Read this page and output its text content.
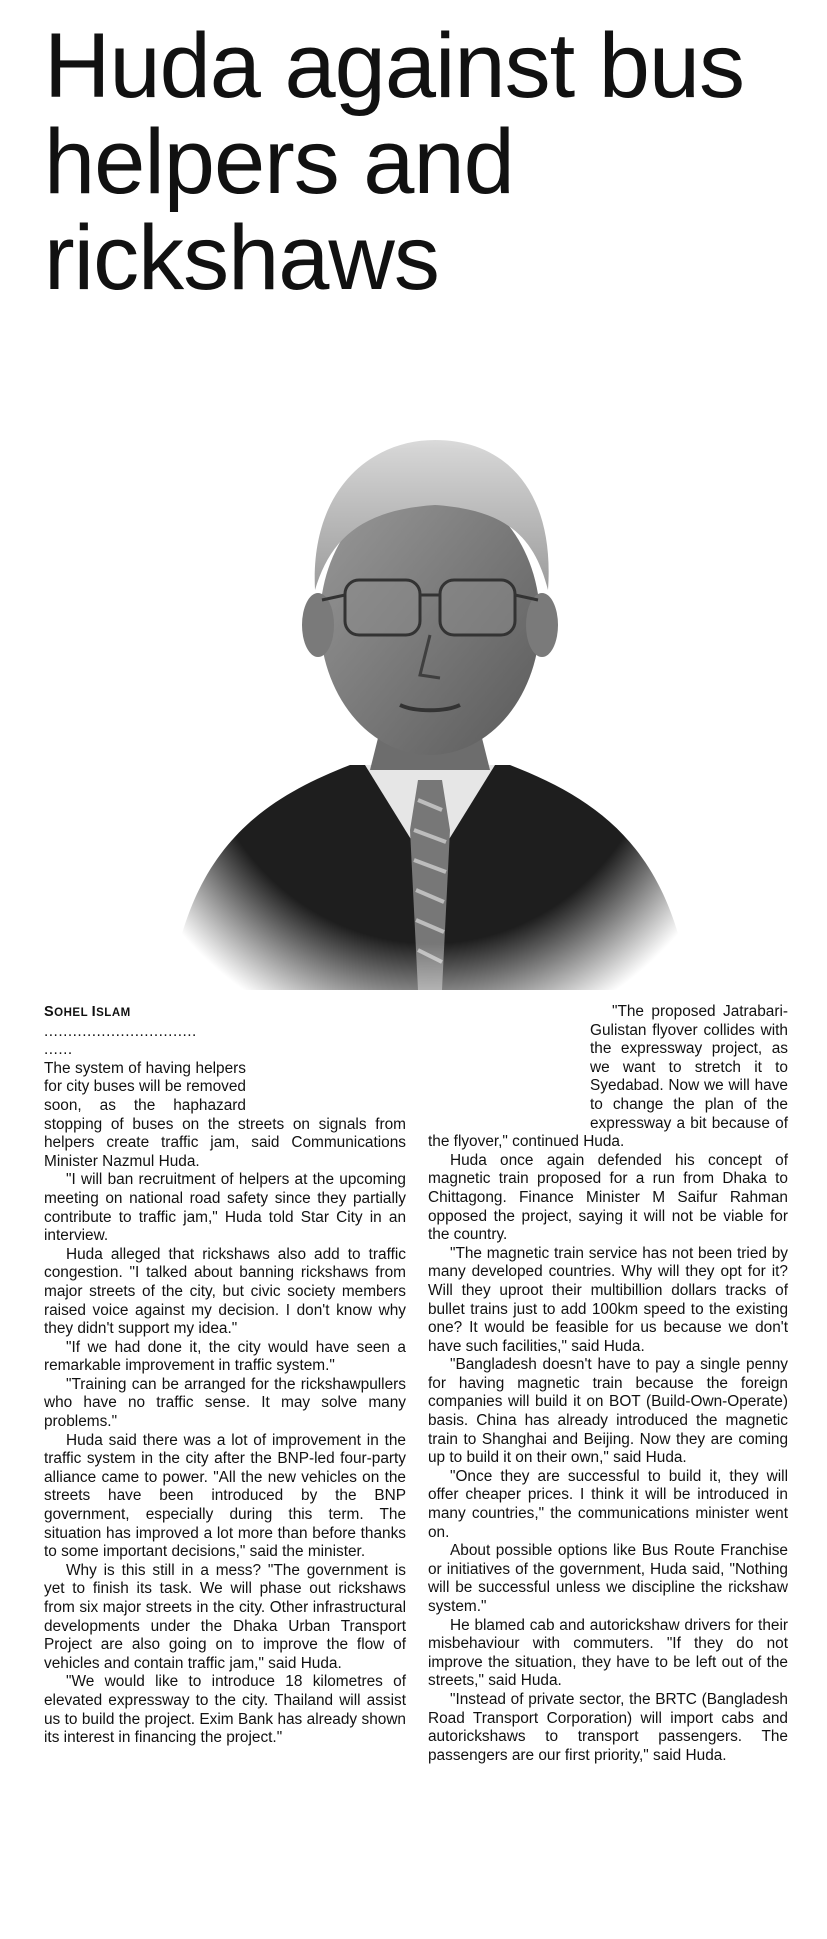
Huda against bus helpers and rickshaws

SOHEL ISLAM

................................

......

The system of having helpers for city buses will be removed soon, as the haphazard stopping of buses on the streets on signals from helpers create traffic jam, said Communications Minister Nazmul Huda.

"I will ban recruitment of helpers at the upcoming meeting on national road safety since they partially contribute to traffic jam," Huda told Star City in an interview.

Huda alleged that rickshaws also add to traffic congestion. "I talked about banning rickshaws from major streets of the city, but civic society members raised voice against my decision. I don't know why they didn't support my idea."

"If we had done it, the city would have seen a remarkable improvement in traffic system."

"Training can be arranged for the rickshawpullers who have no traffic sense. It may solve many problems."

Huda said there was a lot of improvement in the traffic system in the city after the BNP-led four-party alliance came to power. "All the new vehicles on the streets have been introduced by the BNP government, especially during this term. The situation has improved a lot more than before thanks to some important decisions," said the minister.

Why is this still in a mess? "The government is yet to finish its task. We will phase out rickshaws from six major streets in the city. Other infrastructural developments under the Dhaka Urban Transport Project are also going on to improve the flow of vehicles and contain traffic jam," said Huda.

"We would like to introduce 18 kilometres of elevated expressway to the city. Thailand will assist us to build the project. Exim Bank has already shown its interest in financing the project."

"The proposed Jatrabari-Gulistan flyover collides with the expressway project, as we want to stretch it to Syedabad. Now we will have to change the plan of the expressway a bit because of the flyover," continued Huda.

Huda once again defended his concept of magnetic train proposed for a run from Dhaka to Chittagong. Finance Minister M Saifur Rahman opposed the project, saying it will not be viable for the country.

"The magnetic train service has not been tried by many developed countries. Why will they opt for it? Will they uproot their multibillion dollars tracks of bullet trains just to add 100km speed to the existing one? It would be feasible for us because we don't have such facilities," said Huda.

"Bangladesh doesn't have to pay a single penny for having magnetic train because the foreign companies will build it on BOT (Build-Own-Operate) basis. China has already introduced the magnetic train to Shanghai and Beijing. Now they are coming up to build it on their own," said Huda.

"Once they are successful to build it, they will offer cheaper prices. I think it will be introduced in many countries," the communications minister went on.

About possible options like Bus Route Franchise or initiatives of the government, Huda said, "Nothing will be successful unless we discipline the rickshaw system."

He blamed cab and autorickshaw drivers for their misbehaviour with commuters. "If they do not improve the situation, they have to be left out of the streets," said Huda.

"Instead of private sector, the BRTC (Bangladesh Road Transport Corporation) will import cabs and autorickshaws to transport passengers. The passengers are our first priority," said Huda.
